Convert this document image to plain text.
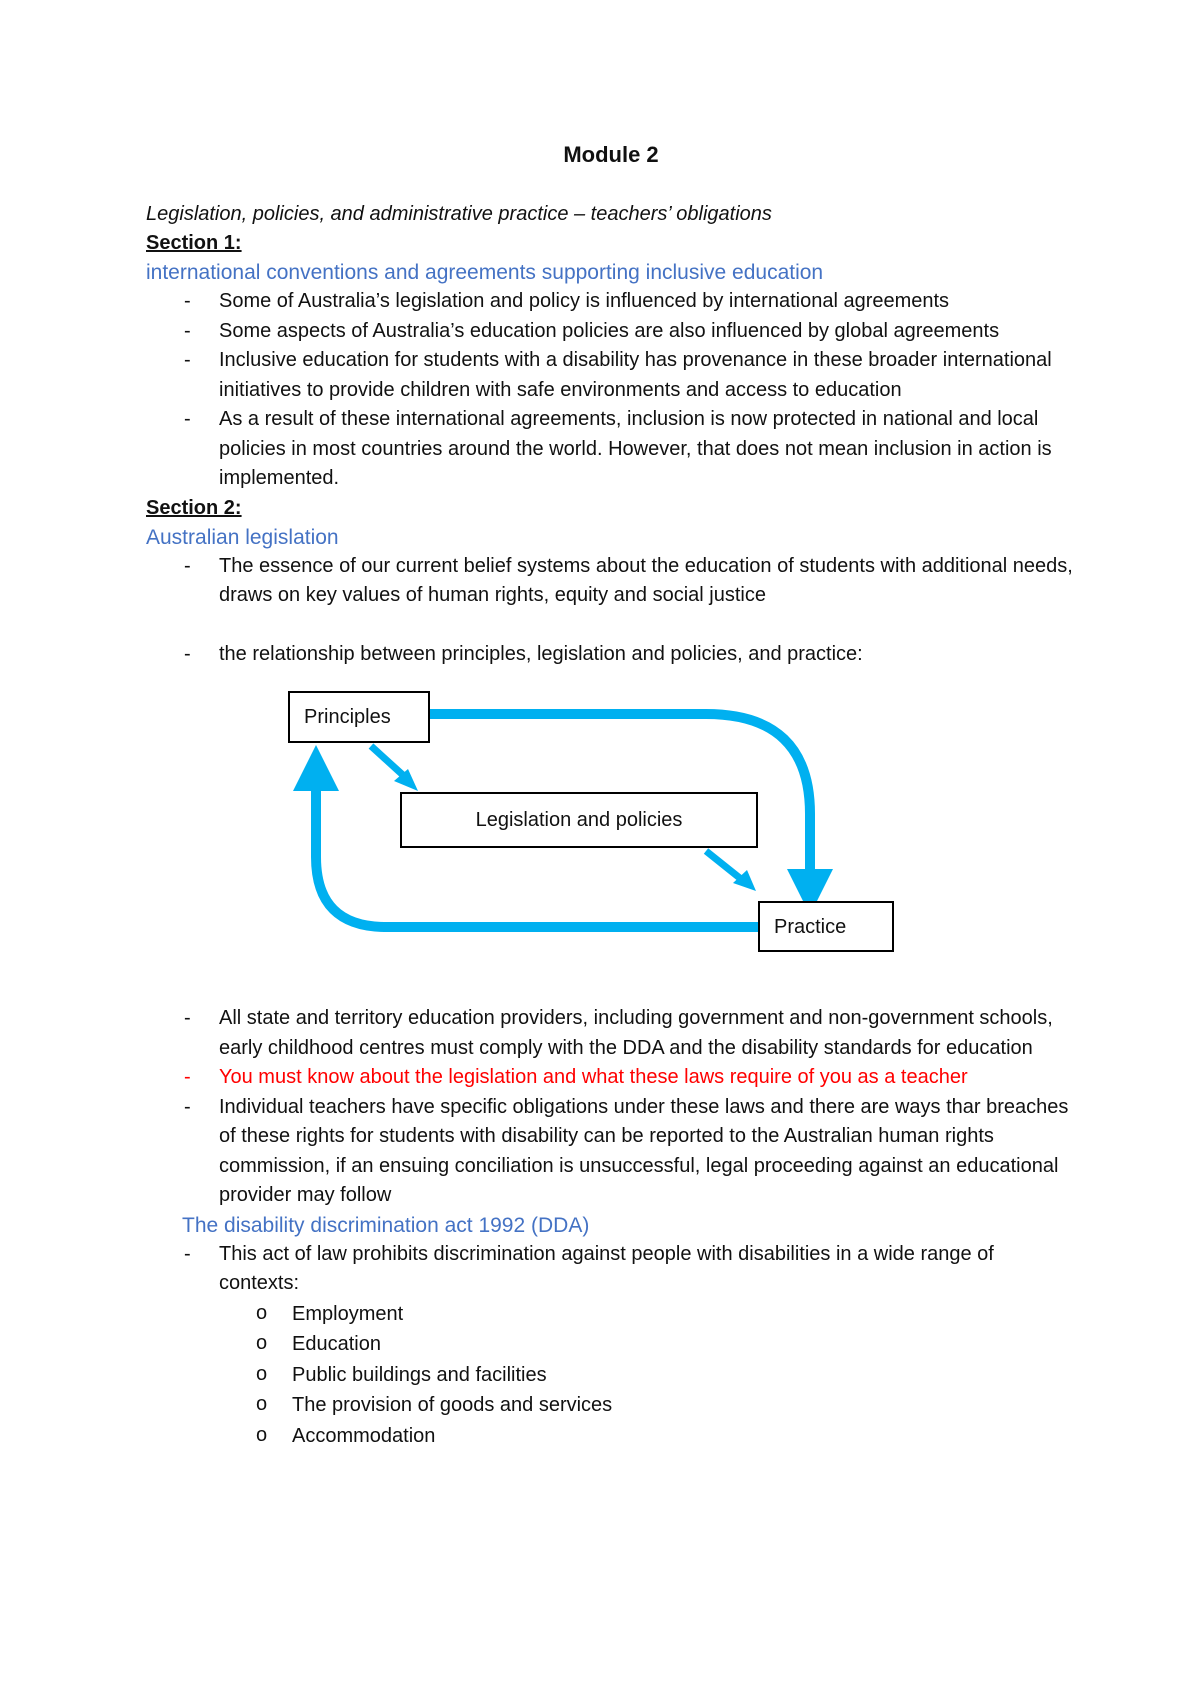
Module 2
Legislation, policies, and administrative practice – teachers’ obligations
Section 1:
international conventions and agreements supporting inclusive education
- Some of Australia’s legislation and policy is influenced by international agreements
- Some aspects of Australia’s education policies are also influenced by global agreements
- Inclusive education for students with a disability has provenance in these broader international initiatives to provide children with safe environments and access to education
- As a result of these international agreements, inclusion is now protected in national and local policies in most countries around the world. However, that does not mean inclusion in action is implemented.
Section 2:
Australian legislation
- The essence of our current belief systems about the education of students with additional needs, draws on key values of human rights, equity and social justice
- the relationship between principles, legislation and policies, and practice:
Principles
Legislation and policies
Practice
- All state and territory education providers, including government and non-government schools, early childhood centres must comply with the DDA and the disability standards for education
- You must know about the legislation and what these laws require of you as a teacher
- Individual teachers have specific obligations under these laws and there are ways thar breaches of these rights for students with disability can be reported to the Australian human rights commission, if an ensuing conciliation is unsuccessful, legal proceeding against an educational provider may follow
The disability discrimination act 1992 (DDA)
- This act of law prohibits discrimination against people with disabilities in a wide range of contexts:
o Employment
o Education
o Public buildings and facilities
o The provision of goods and services
o Accommodation
